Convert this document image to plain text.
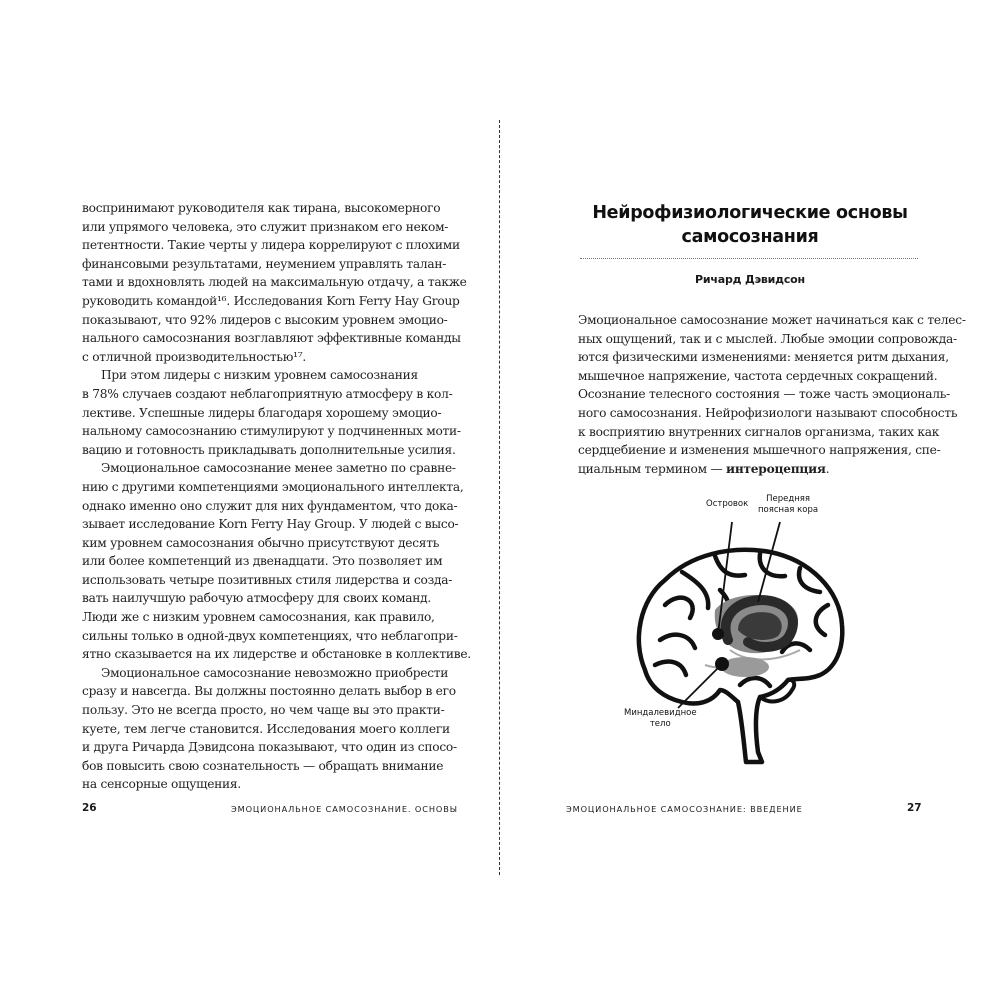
воспринимают руководителя как тирана, высокомерного
или упрямого человека, это служит признаком его неком-
петентности. Такие черты у лидера коррелируют с плохими
финансовыми результатами, неумением управлять талан-
тами и вдохновлять людей на максимальную отдачу, а также
руководить командой¹⁶. Исследования Korn Ferry Hay Group
показывают, что 92% лидеров с высоким уровнем эмоцио-
нального самосознания возглавляют эффективные команды
с отличной производительностью¹⁷.
При этом лидеры с низким уровнем самосознания
в 78% случаев создают неблагоприятную атмосферу в кол-
лективе. Успешные лидеры благодаря хорошему эмоцио-
нальному самосознанию стимулируют у подчиненных моти-
вацию и готовность прикладывать дополнительные усилия.
Эмоциональное самосознание менее заметно по сравне-
нию с другими компетенциями эмоционального интеллекта,
однако именно оно служит для них фундаментом, что дока-
зывает исследование Korn Ferry Hay Group. У людей с высо-
ким уровнем самосознания обычно присутствуют десять
или более компетенций из двенадцати. Это позволяет им
использовать четыре позитивных стиля лидерства и созда-
вать наилучшую рабочую атмосферу для своих команд.
Люди же с низким уровнем самосознания, как правило,
сильны только в одной-двух компетенциях, что неблагопри-
ятно сказывается на их лидерстве и обстановке в коллективе.
Эмоциональное самосознание невозможно приобрести
сразу и навсегда. Вы должны постоянно делать выбор в его
пользу. Это не всегда просто, но чем чаще вы это практи-
куете, тем легче становится. Исследования моего коллеги
и друга Ричарда Дэвидсона показывают, что один из спосо-
бов повысить свою сознательность — обращать внимание
на сенсорные ощущения.
26	ЭМОЦИОНАЛЬНОЕ САМОСОЗНАНИЕ. ОСНОВЫ
Нейрофизиологические основы
самосознания
Ричард Дэвидсон
Эмоциональное самосознание может начинаться как с телес-
ных ощущений, так и с мыслей. Любые эмоции сопровожда-
ются физическими изменениями: меняется ритм дыхания,
мышечное напряжение, частота сердечных сокращений.
Осознание телесного состояния — тоже часть эмоциональ-
ного самосознания. Нейрофизиологи называют способность
к восприятию внутренних сигналов организма, таких как
сердцебиение и изменения мышечного напряжения, спе-
циальным термином — интероцепция.
Островок	Передняя
поясная кора
Миндалевидное
тело
ЭМОЦИОНАЛЬНОЕ САМОСОЗНАНИЕ: ВВЕДЕНИЕ	27
